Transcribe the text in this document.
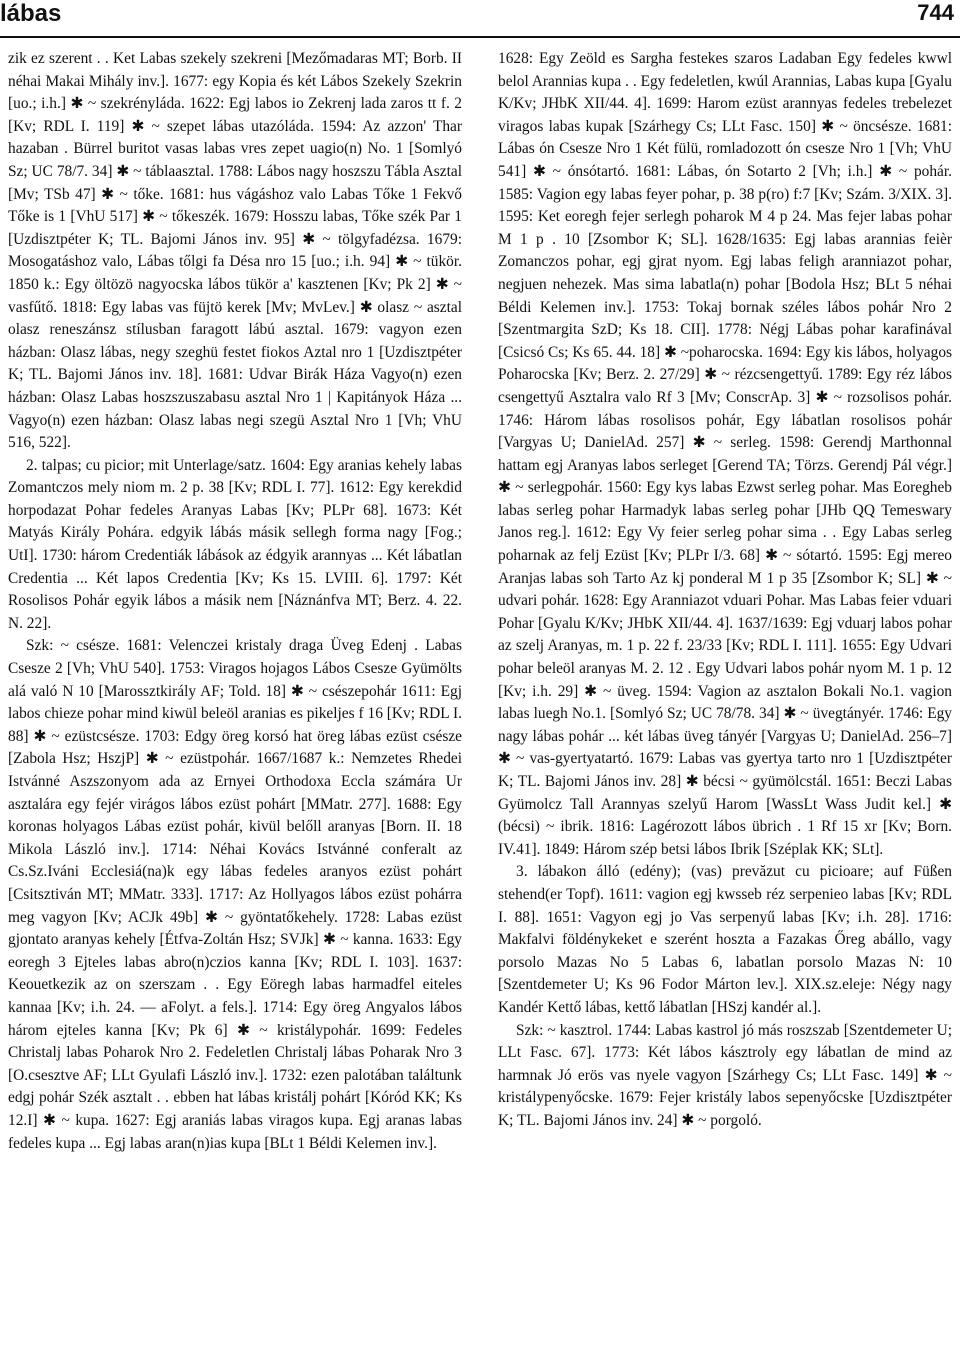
lábas	744

zik ez szerent . . Ket Labas szekely szekreni [Mezőmadaras MT; Borb. II néhai Makai Mihály inv.]. 1677: egy Kopia és két Lábos Szekely Szekrin [uo.; i.h.] ✱ ~ szekrényláda. 1622: Egj labos io Zekrenj lada zaros tt f. 2 [Kv; RDL I. 119] ✱ ~ szepet lábas utazóláda. 1594: Az azzon' Thar hazaban . Bürrel buritot vasas labas vres zepet uagio(n) No. 1 [Somlyó Sz; UC 78/7. 34] ✱ ~ táblaasztal. 1788: Lábos nagy hoszszu Tábla Asztal [Mv; TSb 47] ✱ ~ tőke. 1681: hus vágáshoz valo Labas Tőke 1 Fekvő Tőke is 1 [VhU 517] ✱ ~ tőkeszék. 1679: Hosszu labas, Tőke szék Par 1 [Uzdisztpéter K; TL. Bajomi János inv. 95] ✱ ~ tölgyfadézsa. 1679: Mosogatáshoz valo, Lábas tőlgi fa Désa nro 15 [uo.; i.h. 94] ✱ ~ tükör. 1850 k.: Egy öltözö nagyocska lábos tükör a' kasztenen [Kv; Pk 2] ✱ ~ vasfűtő. 1818: Egy labas vas füjtö kerek [Mv; MvLev.] ✱ olasz ~ asztal olasz reneszánsz stílusban faragott lábú asztal. 1679: vagyon ezen házban: Olasz lábas, negy szeghü festet fiokos Aztal nro 1 [Uzdisztpéter K; TL. Bajomi János inv. 18]. 1681: Udvar Birák Háza Vagyo(n) ezen házban: Olasz Labas hoszszuszabasu asztal Nro 1 | Kapitányok Háza ... Vagyo(n) ezen házban: Olasz labas negi szegü Asztal Nro 1 [Vh; VhU 516, 522].

2. talpas; cu picior; mit Unterlage/satz. 1604: Egy aranias kehely labas Zomantczos mely niom m. 2 p. 38 [Kv; RDL I. 77]. 1612: Egy kerekdid horpodazat Pohar fedeles Aranyas Labas [Kv; PLPr 68]. 1673: Két Matyás Király Pohára. edgyik lábás másik sellegh forma nagy [Fog.; UtI]. 1730: három Credentiák lábások az édgyik arannyas ... Két lábatlan Credentia ... Két lapos Credentia [Kv; Ks 15. LVIII. 6]. 1797: Két Rosolisos Pohár egyik lábos a másik nem [Náznánfva MT; Berz. 4. 22. N. 22].

Szk: ~ csésze. 1681: Velenczei kristaly draga Üveg Edenj . Labas Csesze 2 [Vh; VhU 540]. 1753: Viragos hojagos Lábos Csesze Gyümölts alá való N 10 [Marossztkirály AF; Told. 18] ✱ ~ csészepohár 1611: Egj labos chieze pohar mind kiwül beleöl aranias es pikeljes f 16 [Kv; RDL I. 88] ✱ ~ ezüstcsésze. 1703: Edgy öreg korsó hat öreg lábas ezüst csésze [Zabola Hsz; HszjP] ✱ ~ ezüstpohár. 1667/1687 k.: Nemzetes Rhedei Istvánné Aszszonyom ada az Ernyei Orthodoxa Eccla számára Ur asztalára egy fejér virágos lábos ezüst pohárt [MMatr. 277]. 1688: Egy koronas holyagos Lábas ezüst pohár, kivül belőll aranyas [Born. II. 18 Mikola László inv.]. 1714: Néhai Kovács Istvánné conferalt az Cs.Sz.Iváni Ecclesiá(na)k egy lábas fedeles aranyos ezüst pohárt [Csitsztiván MT; MMatr. 333]. 1717: Az Hollyagos lábos ezüst pohárra meg vagyon [Kv; ACJk 49b] ✱ ~ gyöntatőkehely. 1728: Labas ezüst gjontato aranyas kehely [Étfva-Zoltán Hsz; SVJk] ✱ ~ kanna. 1633: Egy eoregh 3 Ejteles labas abro(n)czios kanna [Kv; RDL I. 103]. 1637: Keouetkezik az on szerszam . . Egy Eöregh labas harmadfel eiteles kannaa [Kv; i.h. 24. — aFolyt. a fels.]. 1714: Egy öreg Angyalos lábos három ejteles kanna [Kv; Pk 6] ✱ ~ kristálypohár. 1699: Fedeles Christalj labas Poharok Nro 2. Fedeletlen Christalj lábas Poharak Nro 3 [O.csesztve AF; LLt Gyulafi László inv.]. 1732: ezen palotában találtunk edgj pohár Szék asztalt . . ebben hat lábas kristálj pohárt [Kóród KK; Ks 12.I] ✱ ~ kupa. 1627: Egj araniás labas viragos kupa. Egj aranas labas fedeles kupa ... Egj labas aran(n)ias kupa [BLt 1 Béldi Kelemen inv.].

1628: Egy Zeöld es Sargha festekes szaros Ladaban Egy fedeles kwwl belol Arannias kupa . . Egy fedeletlen, kwúl Arannias, Labas kupa [Gyalu K/Kv; JHbK XII/44. 4]. 1699: Harom ezüst arannyas fedeles trebelezet viragos labas kupak [Szárhegy Cs; LLt Fasc. 150] ✱ ~ öncsésze. 1681: Lábas ón Csesze Nro 1 Két fülü, romladozott ón csesze Nro 1 [Vh; VhU 541] ✱ ~ ónsótartó. 1681: Lábas, ón Sotarto 2 [Vh; i.h.] ✱ ~ pohár. 1585: Vagion egy labas feyer pohar, p. 38 p(ro) f:7 [Kv; Szám. 3/XIX. 3]. 1595: Ket eoregh fejer serlegh poharok M 4 p 24. Mas fejer labas pohar M 1 p . 10 [Zsombor K; SL]. 1628/1635: Egj labas arannias feièr Zomanczos pohar, egj gjrat nyom. Egj labas feligh aranniazot pohar, negjuen nehezek. Mas sima labatla(n) pohar [Bodola Hsz; BLt 5 néhai Béldi Kelemen inv.]. 1753: Tokaj bornak széles lábos pohár Nro 2 [Szentmargita SzD; Ks 18. CII]. 1778: Négj Lábas pohar karafinával [Csicsó Cs; Ks 65. 44. 18] ✱ ~poharocska. 1694: Egy kis lábos, holyagos Poharocska [Kv; Berz. 2. 27/29] ✱ ~ rézcsengettyű. 1789: Egy réz lábos csengettyű Asztalra valo Rf 3 [Mv; ConscrAp. 3] ✱ ~ rozsolisos pohár. 1746: Három lábas rosolisos pohár, Egy lábatlan rosolisos pohár [Vargyas U; DanielAd. 257] ✱ ~ serleg. 1598: Gerendj Marthonnal hattam egj Aranyas labos serleget [Gerend TA; Törzs. Gerendj Pál végr.] ✱ ~ serlegpohár. 1560: Egy kys labas Ezwst serleg pohar. Mas Eoregheb labas serleg pohar Harmadyk labas serleg pohar [JHb QQ Temeswary Janos reg.]. 1612: Egy Vy feier serleg pohar sima . . Egy Labas serleg poharnak az felj Ezüst [Kv; PLPr I/3. 68] ✱ ~ sótartó. 1595: Egj mereo Aranjas labas soh Tarto Az kj ponderal M 1 p 35 [Zsombor K; SL] ✱ ~ udvari pohár. 1628: Egy Aranniazot vduari Pohar. Mas Labas feier vduari Pohar [Gyalu K/Kv; JHbK XII/44. 4]. 1637/1639: Egj vduarj labos pohar az szelj Aranyas, m. 1 p. 22 f. 23/33 [Kv; RDL I. 111]. 1655: Egy Udvari pohar beleöl aranyas M. 2. 12 . Egy Udvari labos pohár nyom M. 1 p. 12 [Kv; i.h. 29] ✱ ~ üveg. 1594: Vagion az asztalon Bokali No.1. vagion labas luegh No.1. [Somlyó Sz; UC 78/78. 34] ✱ ~ üvegtányér. 1746: Egy nagy lábas pohár ... két lábas üveg tányér [Vargyas U; DanielAd. 256–7] ✱ ~ vas-gyertyatartó. 1679: Labas vas gyertya tarto nro 1 [Uzdisztpéter K; TL. Bajomi János inv. 28] ✱ bécsi ~ gyümölcstál. 1651: Beczi Labas Gyümolcz Tall Arannyas szelyű Harom [WassLt Wass Judit kel.] ✱ (bécsi) ~ ibrik. 1816: Lagérozott lábos übrich . 1 Rf 15 xr [Kv; Born. IV.41]. 1849: Három szép betsi lábos Ibrik [Széplak KK; SLt].

3. lábakon álló (edény); (vas) prevăzut cu picioare; auf Füßen stehend(er Topf). 1611: vagion egj kwsseb réz serpenieo labas [Kv; RDL I. 88]. 1651: Vagyon egj jo Vas serpenyű labas [Kv; i.h. 28]. 1716: Makfalvi földénykeket e szerént hoszta a Fazakas Őreg abállo, vagy porsolo Mazas No 5 Labas 6, labatlan porsolo Mazas N: 10 [Szentdemeter U; Ks 96 Fodor Márton lev.]. XIX.sz.eleje: Négy nagy Kandér Kettő lábas, kettő lábatlan [HSzj kandér al.].

Szk: ~ kasztrol. 1744: Labas kastrol jó más roszszab [Szentdemeter U; LLt Fasc. 67]. 1773: Két lábos kásztroly egy lábatlan de mind az harmnak Jó erös vas nyele vagyon [Szárhegy Cs; LLt Fasc. 149] ✱ ~ kristálypenyőcske. 1679: Fejer kristály labos sepenyőcske [Uzdisztpéter K; TL. Bajomi János inv. 24] ✱ ~ porgoló.
